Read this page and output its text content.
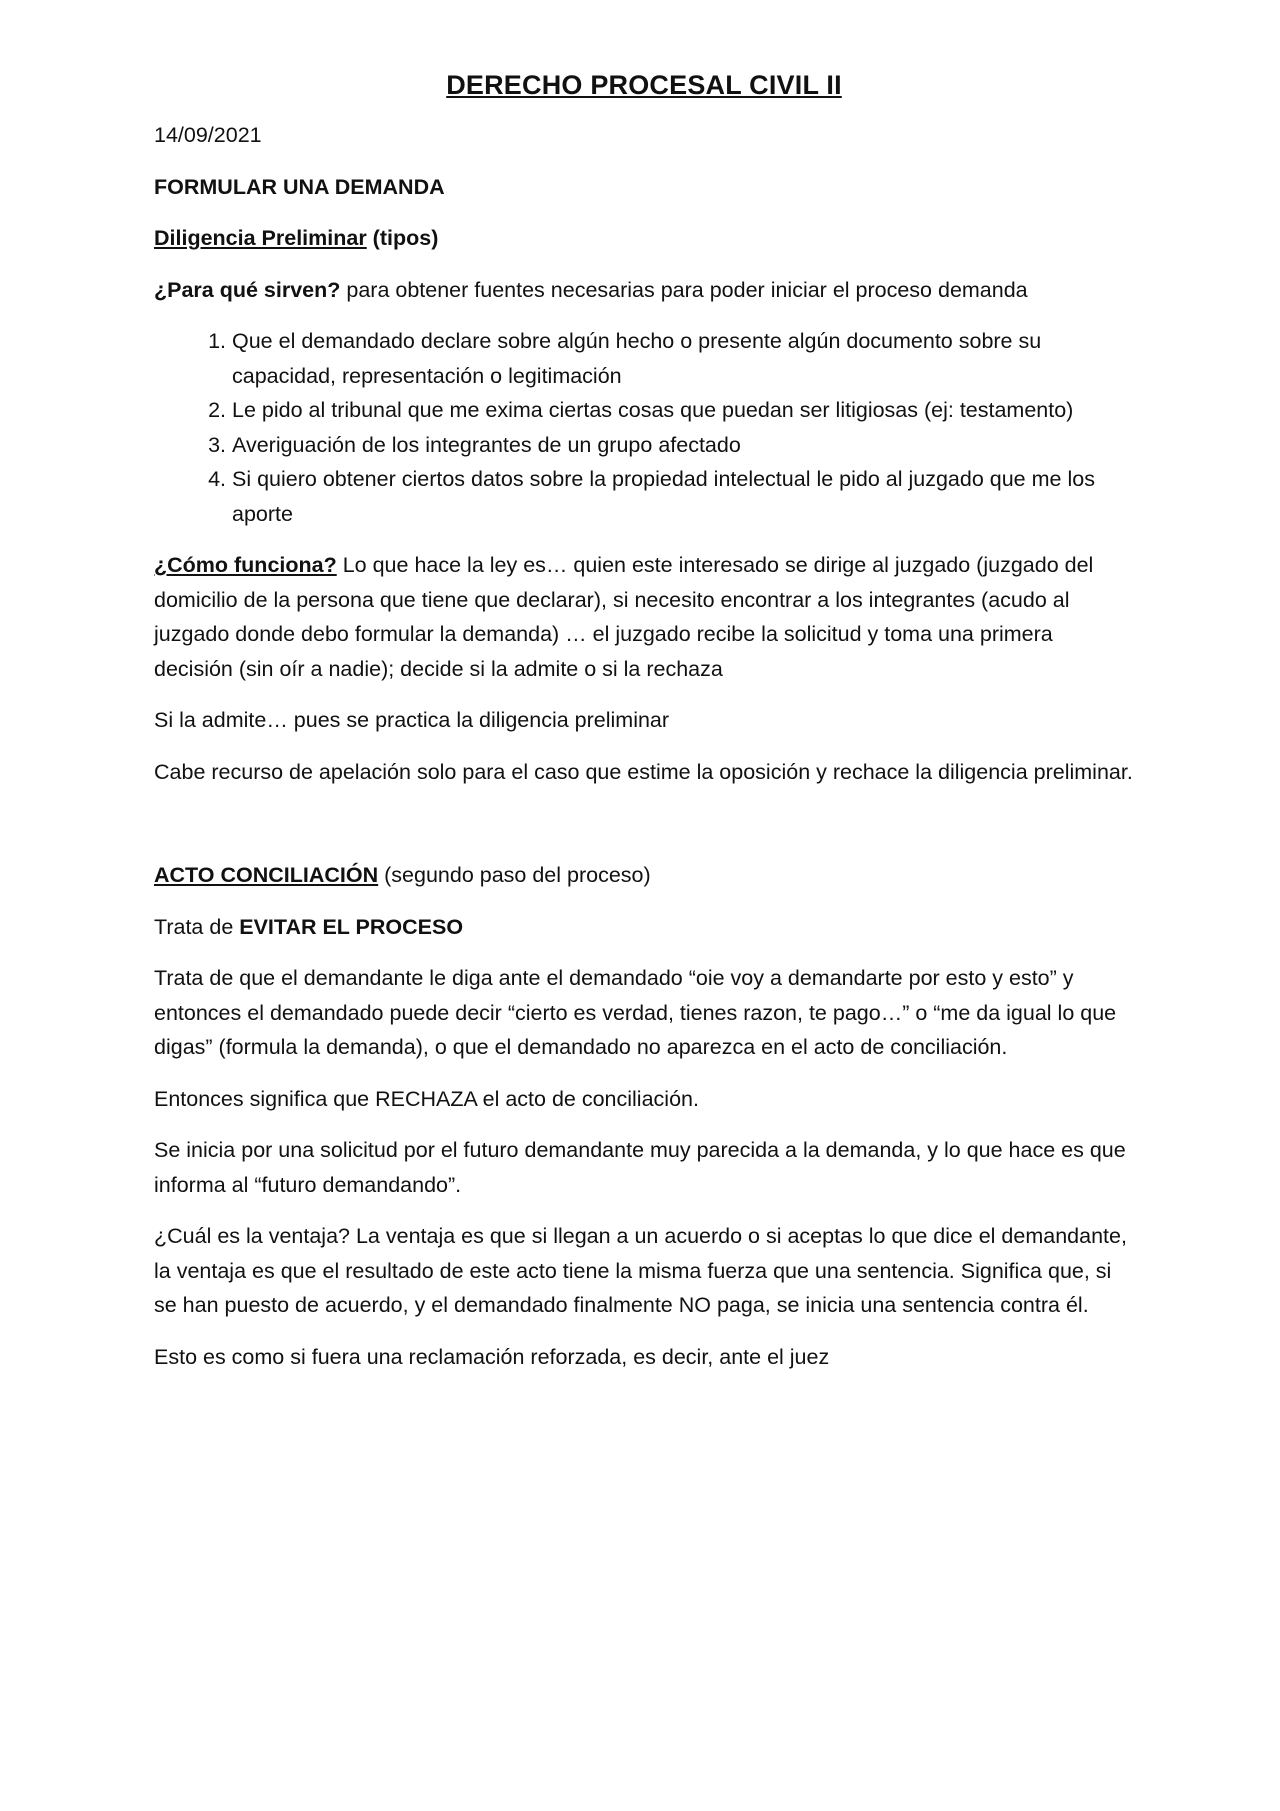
DERECHO PROCESAL CIVIL II

14/09/2021

FORMULAR UNA DEMANDA

Diligencia Preliminar (tipos)

¿Para qué sirven? para obtener fuentes necesarias para poder iniciar el proceso demanda

1. Que el demandado declare sobre algún hecho o presente algún documento sobre su capacidad, representación o legitimación
2. Le pido al tribunal que me exima ciertas cosas que puedan ser litigiosas (ej: testamento)
3. Averiguación de los integrantes de un grupo afectado
4. Si quiero obtener ciertos datos sobre la propiedad intelectual le pido al juzgado que me los aporte

¿Cómo funciona? Lo que hace la ley es… quien este interesado se dirige al juzgado (juzgado del domicilio de la persona que tiene que declarar), si necesito encontrar a los integrantes (acudo al juzgado donde debo formular la demanda) … el juzgado recibe la solicitud y toma una primera decisión (sin oír a nadie); decide si la admite o si la rechaza

Si la admite… pues se practica la diligencia preliminar

Cabe recurso de apelación solo para el caso que estime la oposición y rechace la diligencia preliminar.

ACTO CONCILIACIÓN (segundo paso del proceso)

Trata de EVITAR EL PROCESO

Trata de que el demandante le diga ante el demandado “oie voy a demandarte por esto y esto” y entonces el demandado puede decir “cierto es verdad, tienes razon, te pago…” o “me da igual lo que digas” (formula la demanda), o que el demandado no aparezca en el acto de conciliación.

Entonces significa que RECHAZA el acto de conciliación.

Se inicia por una solicitud por el futuro demandante muy parecida a la demanda, y lo que hace es que informa al “futuro demandando”.

¿Cuál es la ventaja? La ventaja es que si llegan a un acuerdo o si aceptas lo que dice el demandante, la ventaja es que el resultado de este acto tiene la misma fuerza que una sentencia. Significa que, si se han puesto de acuerdo, y el demandado finalmente NO paga, se inicia una sentencia contra él.

Esto es como si fuera una reclamación reforzada, es decir, ante el juez
